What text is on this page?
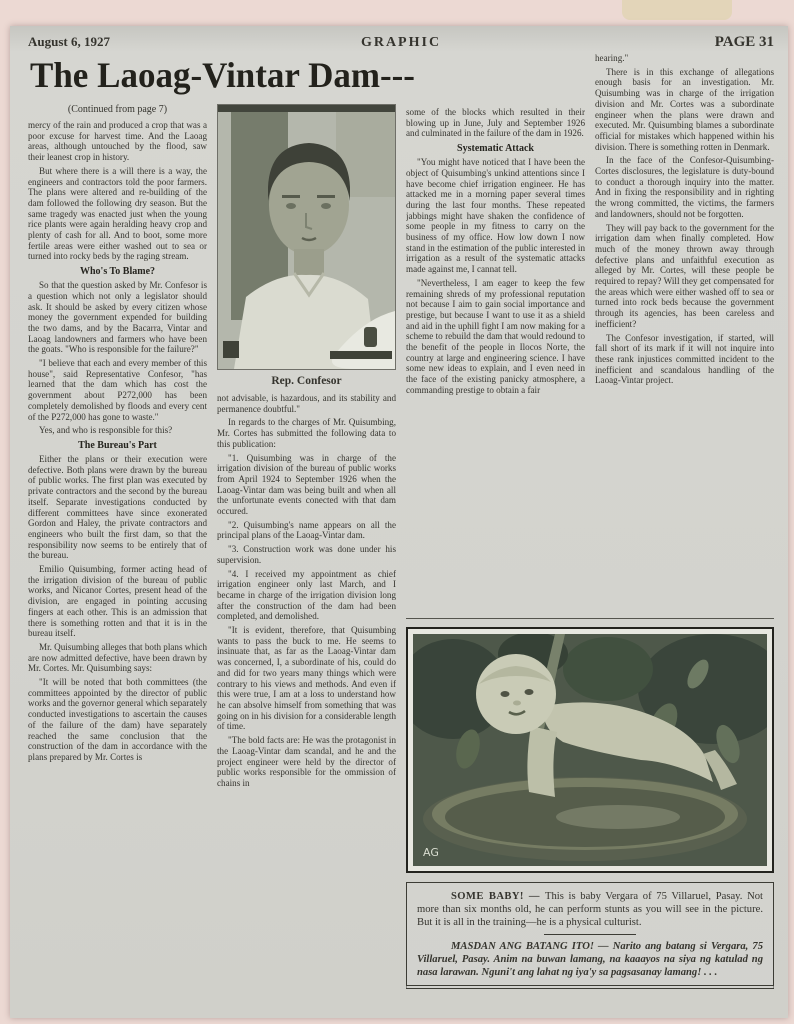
August 6, 1927	GRAPHIC	PAGE 31
The Laoag-Vintar Dam---
(Continued from page 7)

mercy of the rain and produced a crop that was a poor excuse for harvest time. And the Laoag areas, although untouched by the flood, saw their leanest crop in history.

But where there is a will there is a way, the engineers and contractors told the poor farmers. The plans were altered and re-building of the dam followed the following dry season. But the same tragedy was enacted just when the young rice plants were again heralding heavy crop and plenty of cash for all. And to boot, some more fertile areas were either washed out to sea or turned into rocky beds by the raging stream.

Who's To Blame?

So that the question asked by Mr. Confesor is a question which not only a legislator should ask. It should be asked by every citizen whose money the government expended for building the two dams, and by the Bacarra, Vintar and Laoag landowners and farmers who have been the goats. "Who is responsible for the failure?"

"I believe that each and every member of this house", said Representative Confesor, "has learned that the dam which has cost the government about P272,000 has been completely demolished by floods and every cent of the P272,000 has gone to waste."

Yes, and who is responsible for this?

The Bureau's Part

Either the plans or their execution were defective. Both plans were drawn by the bureau of public works. The first plan was executed by private contractors and the second by the bureau itself. Separate investigations conducted by different committees have since exonerated Gordon and Haley, the private contractors and engineers who built the first dam, so that the responsibility now seems to be entirely that of the bureau.

Emilio Quisumbing, former acting head of the irrigation division of the bureau of public works, and Nicanor Cortes, present head of the division, are engaged in pointing accusing fingers at each other. This is an admission that there is something rotten and that it is in the bureau itself.

Mr. Quisumbing alleges that both plans which are now admitted defective, have been drawn by Mr. Cortes. Mr. Quisumbing says:

"It will be noted that both committees (the committees appointed by the director of public works and the governor general which separately conducted investigations to ascertain the causes of the failure of the dam) have separately reached the same conclusion that the construction of the dam in accordance with the plans prepared by Mr. Cortes is

Rep. Confesor

not advisable, is hazardous, and its stability and permanence doubtful."

In regards to the charges of Mr. Quisumbing, Mr. Cortes has submitted the following data to this publication:

"1. Quisumbing was in charge of the irrigation division of the bureau of public works from April 1924 to September 1926 when the Laoag-Vintar dam was being built and when all the unfortunate events conected with that dam occured.

"2. Quisumbing's name appears on all the principal plans of the Laoag-Vintar dam.

"3. Construction work was done under his supervision.

"4. I received my appointment as chief irrigation engineer only last March, and I became in charge of the irrigation division long after the construction of the dam had been completed, and demolished.

"It is evident, therefore, that Quisumbing wants to pass the buck to me. He seems to insinuate that, as far as the Laoag-Vintar dam was concerned, I, a subordinate of his, could do and did for two years many things which were contrary to his views and methods. And even if this were true, I am at a loss to understand how he can absolve himself from something that was going on in his division for a considerable length of time.

"The bold facts are: He was the protagonist in the Laoag-Vintar dam scandal, and he and the project engineer were held by the director of public works responsible for the ommission of chains in

some of the blocks which resulted in their blowing up in June, July and September 1926 and culminated in the failure of the dam in 1926.

Systematic Attack

"You might have noticed that I have been the object of Quisumbing's unkind attentions since I have become chief irrigation engineer. He has attacked me in a morning paper several times during the last four months. These repeated jabbings might have shaken the confidence of some people in my fitness to carry on the business of my office. How low down I now stand in the estimation of the public interested in irrigation as a result of the systematic attacks made against me, I cannat tell.

"Nevertheless, I am eager to keep the few remaining shreds of my professional reputation not because I aim to gain social importance and prestige, but because I want to use it as a shield and aid in the uphill fight I am now making for a scheme to rebuild the dam that would redound to the benefit of the people in Ilocos Norte, the country at large and engineering science. I have some new ideas to explain, and I even need in the face of the existing panicky atmosphere, a commanding prestige to obtain a fair

hearing."

There is in this exchange of allegations enough basis for an investigation. Mr. Quisumbing was in charge of the irrigation division and Mr. Cortes was a subordinate engineer when the plans were drawn and executed. Mr. Quisumbing blames a subordinate official for mistakes which happened within his division. There is something rotten in Denmark.

In the face of the Confesor-Quisumbing-Cortes disclosures, the legislature is duty-bound to conduct a thorough inquiry into the matter. And in fixing the responsibility and in righting the wrong committed, the victims, the farmers and landowners, should not be forgotten.

They will pay back to the government for the irrigation dam when finally completed. How much of the money thrown away through defective plans and unfaithful execution as alleged by Mr. Cortes, will these people be required to repay? Will they get compensated for the areas which were either washed off to sea or turned into rock beds because the government through its agencies, has been careless and inefficient?

The Confesor investigation, if started, will fall short of its mark if it will not inquire into these rank injustices committed incident to the inefficient and scandalous handling of the Laoag-Vintar project.

AG

SOME BABY! — This is baby Vergara of 75 Villaruel, Pasay. Not more than six months old, he can perform stunts as you will see in the picture. But it is all in the training—he is a physical culturist.

MASDAN ANG BATANG ITO! — Narito ang batang si Vergara, 75 Villaruel, Pasay. Anim na buwan lamang, na kaaayos na siya ng katulad ng nasa larawan. Nguni't ang lahat ng iya'y sa pagsasanay lamang! . . .
